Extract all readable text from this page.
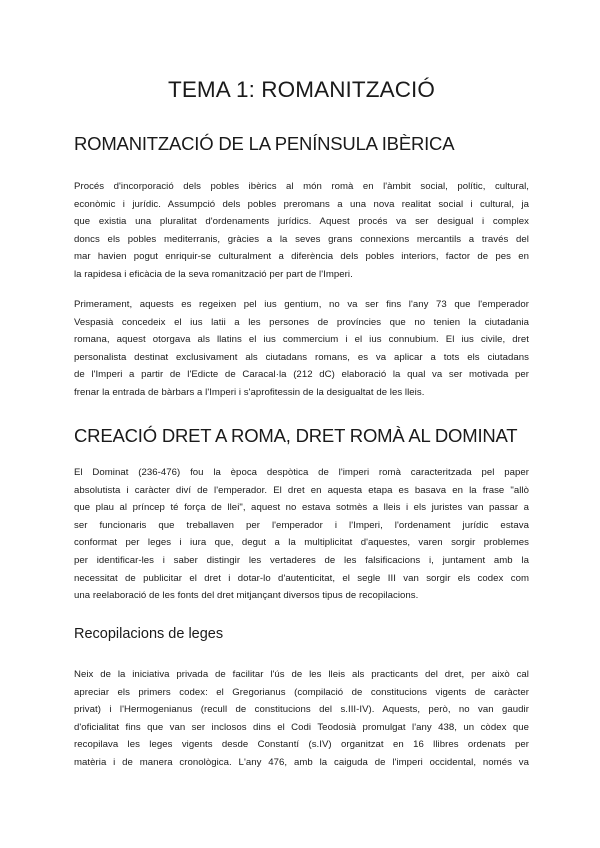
TEMA 1: ROMANITZACIÓ
ROMANITZACIÓ DE LA PENÍNSULA IBÈRICA

Procés d'incorporació dels pobles ibèrics al món romà en l'àmbit social, polític, cultural,
econòmic i jurídic. Assumpció dels pobles preromans a una nova realitat social i cultural, ja
que existia una pluralitat d'ordenaments jurídics. Aquest procés va ser desigual i complex
doncs els pobles mediterranis, gràcies a la seves grans connexions mercantils a través del
mar havien pogut enriquir-se culturalment a diferència dels pobles interiors, factor de pes en
la rapidesa i eficàcia de la seva romanització per part de l'Imperi.

Primerament, aquests es regeixen pel ius gentium, no va ser fins l'any 73 que l'emperador
Vespasià concedeix el ius latii a les persones de províncies que no tenien la ciutadania
romana, aquest otorgava als llatins el ius commercium i el ius connubium. El ius civile, dret
personalista destinat exclusivament als ciutadans romans, es va aplicar a tots els ciutadans
de l'Imperi a partir de l'Edicte de Caracal·la (212 dC) elaboració la qual va ser motivada per
frenar la entrada de bàrbars a l'Imperi i s'aprofitessin de la desigualtat de les lleis.

CREACIÓ DRET A ROMA, DRET ROMÀ AL DOMINAT

El Dominat (236-476) fou la època despòtica de l'imperi romà caracteritzada pel paper
absolutista i caràcter diví de l'emperador. El dret en aquesta etapa es basava en la frase "allò
que plau al príncep té força de llei", aquest no estava sotmès a lleis i els juristes van passar a
ser funcionaris que treballaven per l'emperador i l'Imperi, l'ordenament jurídic estava
conformat per leges i iura que, degut a la multiplicitat d'aquestes, varen sorgir problemes
per identificar-les i saber distingir les vertaderes de les falsificacions i, juntament amb la
necessitat de publicitar el dret i dotar-lo d'autenticitat, el segle III van sorgir els codex com
una reelaboració de les fonts del dret mitjançant diversos tipus de recopilacions.

Recopilacions de leges

Neix de la iniciativa privada de facilitar l'ús de les lleis als practicants del dret, per això cal
apreciar els primers codex: el Gregorianus (compilació de constitucions vigents de caràcter
privat) i l'Hermogenianus (recull de constitucions del s.III-IV). Aquests, però, no van gaudir
d'oficialitat fins que van ser inclosos dins el Codi Teodosià promulgat l'any 438, un còdex que
recopilava les leges vigents desde Constantí (s.IV) organitzat en 16 llibres ordenats per
matèria i de manera cronològica. L'any 476, amb la caiguda de l'imperi occidental, només va
